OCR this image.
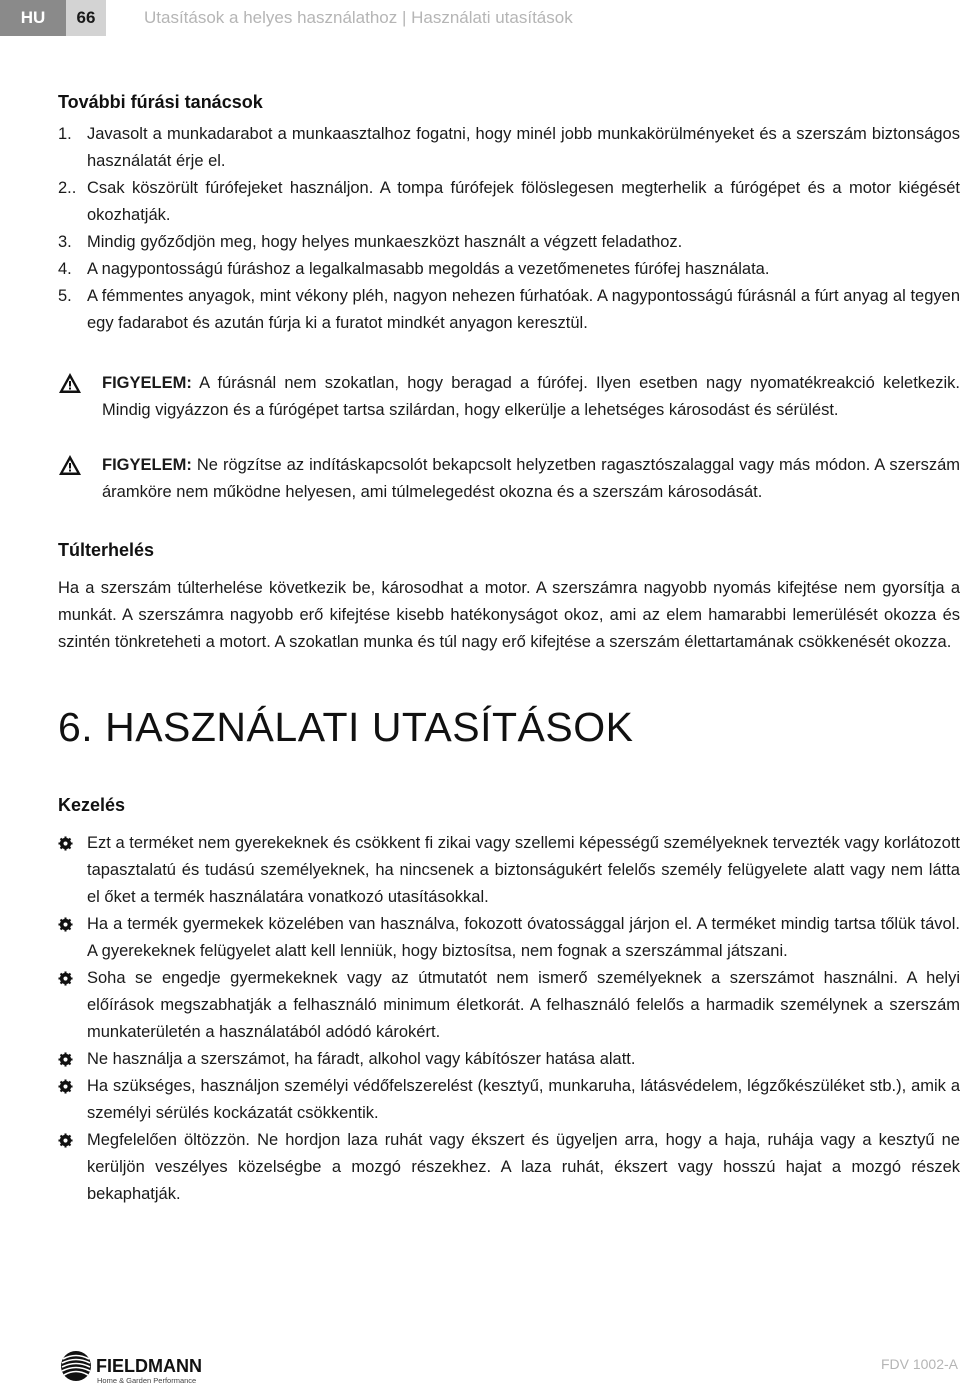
HU	66	Utasítások a helyes használathoz | Használati utasítások
További fúrási tanácsok
1. Javasolt a munkadarabot a munkaasztalhoz fogatni, hogy minél jobb munkakörülményeket és a szerszám biztonságos használatát érje el.
2.. Csak köszörült fúrófejeket használjon. A tompa fúrófejek fölöslegesen megterhelik a fúrógépet és a motor kiégését okozhatják.
3. Mindig győződjön meg, hogy helyes munkaeszközt használt a végzett feladathoz.
4. A nagypontosságú fúráshoz a legalkalmasabb megoldás a vezetőmenetes fúrófej használata.
5. A fémmentes anyagok, mint vékony pléh, nagyon nehezen fúrhatóak. A nagypontosságú fúrásnál a fúrt anyag al tegyen egy fadarabot és azután fúrja ki a furatot mindkét anyagon keresztül.
FIGYELEM: A fúrásnál nem szokatlan, hogy beragad a fúrófej. Ilyen esetben nagy nyomatékreakció keletkezik. Mindig vigyázzon és a fúrógépet tartsa szilárdan, hogy elkerülje a lehetséges károsodást és sérülést.
FIGYELEM: Ne rögzítse az indításkapcsolót bekapcsolt helyzetben ragasztószalaggal vagy más módon. A szerszám áramköre nem működne helyesen, ami túlmelegedést okozna és a szerszám károsodását.
Túlterhelés

Ha a szerszám túlterhelése következik be, károsodhat a motor. A szerszámra nagyobb nyomás kifejtése nem gyorsítja a munkát. A szerszámra nagyobb erő kifejtése kisebb hatékonyságot okoz, ami az elem hamarabbi lemerülését okozza és szintén tönkreteheti a motort. A szokatlan munka és túl nagy erő kifejtése a szerszám élettartamának csökkenését okozza.

6. HASZNÁLATI UTASÍTÁSOK
Kezelés
Ezt a terméket nem gyerekeknek és csökkent fi zikai vagy szellemi képességű személyeknek tervezték vagy korlátozott tapasztalatú és tudású személyeknek, ha nincsenek a biztonságukért felelős személy felügyelete alatt vagy nem látta el őket a termék használatára vonatkozó utasításokkal.
Ha a termék gyermekek közelében van használva, fokozott óvatossággal járjon el. A terméket mindig tartsa tőlük távol. A gyerekeknek felügyelet alatt kell lenniük, hogy biztosítsa, nem fognak a szerszámmal játszani.
Soha se engedje gyermekeknek vagy az útmutatót nem ismerő személyeknek a szerszámot használni. A helyi előírások megszabhatják a felhasználó minimum életkorát. A felhasználó felelős a harmadik személynek a szerszám munkaterületén a használatából adódó károkért.
Ne használja a szerszámot, ha fáradt, alkohol vagy kábítószer hatása alatt.
Ha szükséges, használjon személyi védőfelszerelést (kesztyű, munkaruha, látásvédelem, légzőkészüléket stb.), amik a személyi sérülés kockázatát csökkentik.
Megfelelően öltözzön. Ne hordjon laza ruhát vagy ékszert és ügyeljen arra, hogy a haja, ruhája vagy a kesztyű ne kerüljön veszélyes közelségbe a mozgó részekhez. A laza ruhát, ékszert vagy hosszú hajat a mozgó részek bekaphatják.
FIELDMANN
Home & Garden Performance
FDV 1002-A
